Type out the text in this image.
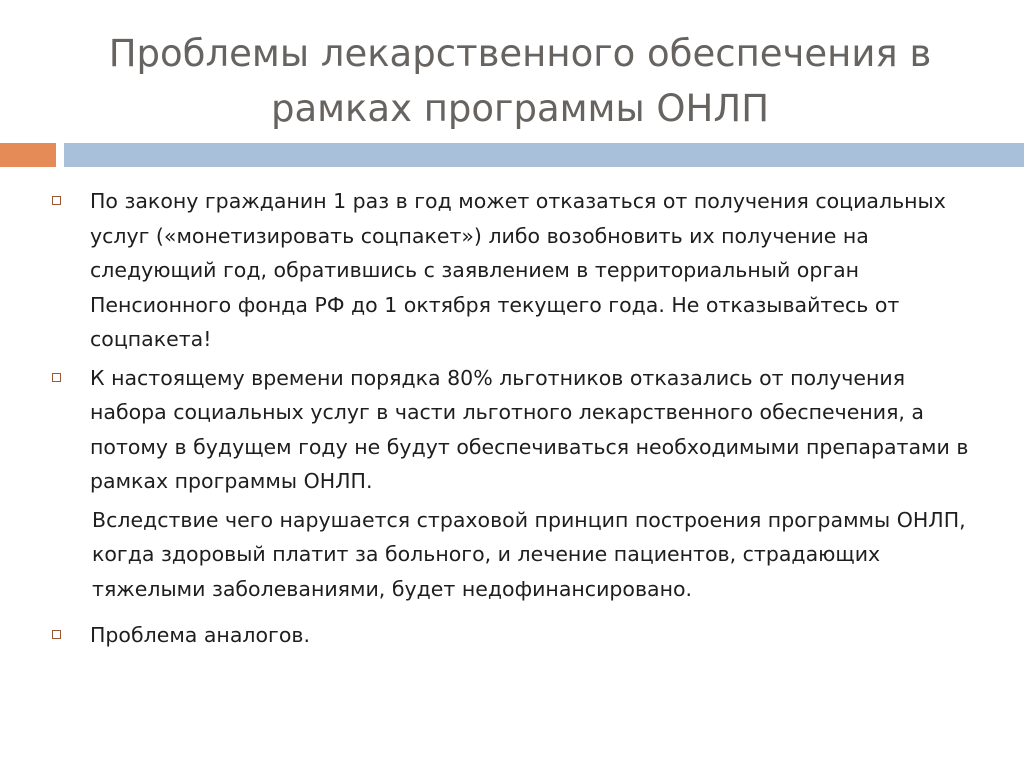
Проблемы лекарственного обеспечения в рамках программы ОНЛП
По закону гражданин 1 раз в год может отказаться от получения социальных услуг («монетизировать соцпакет») либо возобновить их получение на следующий год, обратившись с заявлением в территориальный орган Пенсионного фонда РФ до 1 октября текущего года. Не отказывайтесь от соцпакета!
К настоящему времени порядка 80% льготников отказались от получения набора социальных услуг в части льготного лекарственного обеспечения, а потому в будущем году не будут обеспечиваться необходимыми препаратами в рамках программы ОНЛП.
Вследствие чего нарушается страховой принцип построения программы ОНЛП, когда здоровый платит за больного, и лечение пациентов, страдающих тяжелыми заболеваниями, будет недофинансировано.
Проблема аналогов.
